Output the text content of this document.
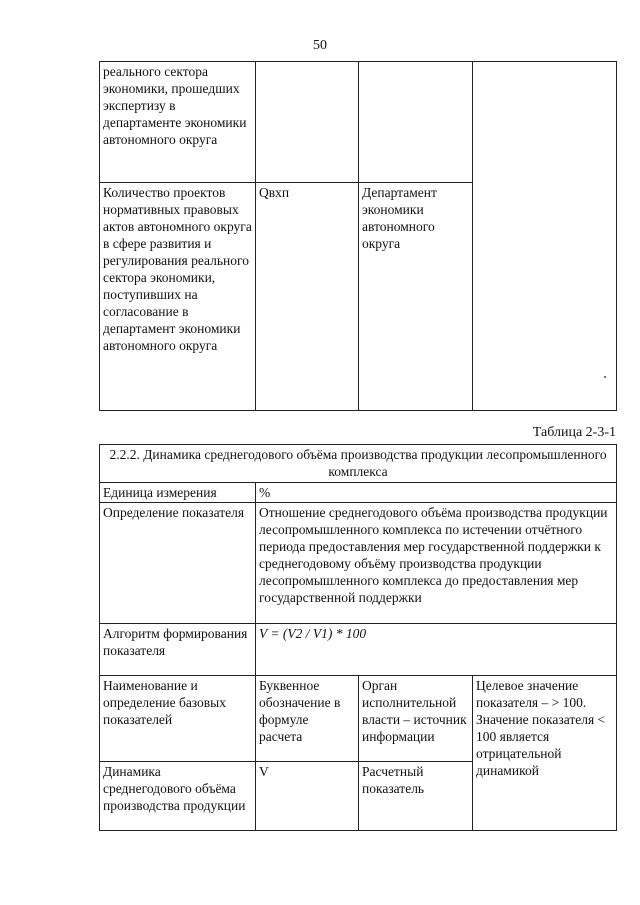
50
реального сектора экономики, прошедших экспертизу в департаменте экономики автономного округа			
Количество проектов нормативных правовых актов автономного округа в сфере развития и регулирования реального сектора экономики, поступивших на согласование в департамент экономики автономного округа	Qвхп	Департамент экономики автономного округа	
Таблица 2-3-1
2.2.2. Динамика среднегодового объёма производства продукции лесопромышленного комплекса			
Единица измерения	%		
Определение показателя	Отношение среднегодового объёма производства продукции лесопромышленного комплекса по истечении отчётного периода предоставления мер государственной поддержки к среднегодовому объёму производства продукции лесопромышленного комплекса до предоставления мер государственной поддержки		
Алгоритм формирования показателя	V = (V2 / V1) * 100		
Наименование и определение базовых показателей	Буквенное обозначение в формуле расчета	Орган исполнительной власти – источник информации	Целевое значение показателя – > 100. Значение показателя < 100 является отрицательной динамикой
Динамика среднегодового объёма производства продукции	V	Расчетный показатель	
